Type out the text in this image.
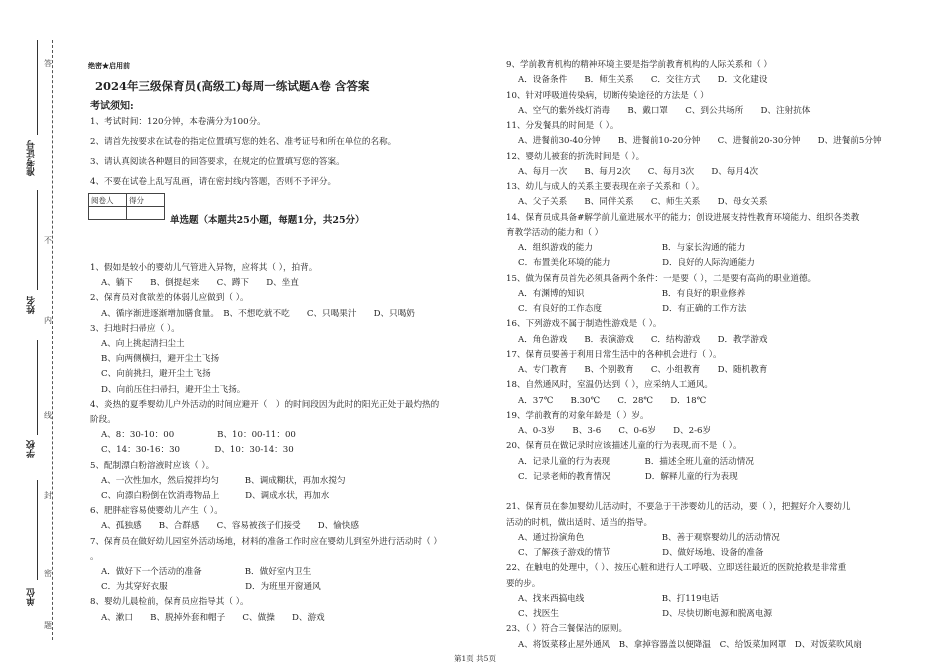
准考证号
姓名
学校
单位
答
不
内
线
封
密
题
绝密★启用前
2024年三级保育员(高级工)每周一练试题A卷 含答案
考试须知:
1、考试时间：120分钟，本卷满分为100分。
2、请首先按要求在试卷的指定位置填写您的姓名、准考证号和所在单位的名称。
3、请认真阅读各种题目的回答要求，在规定的位置填写您的答案。
4、不要在试卷上乱写乱画，请在密封线内答题，否则不予评分。
阅卷人	得分

单选题（本题共25小题，每题1分，共25分）
1、假如是较小的婴幼儿气管进入异物，应将其（ ），拍背。
A、躺下　　B、倒提起来　　C、蹲下　　D、坐直
2、保育员对食欲差的体弱儿应做到（ ）。
A、循序渐进逐渐增加膳食量。　B、不想吃就不吃　　C、只喝果汁　　D、只喝奶
3、扫地时扫帚应（ ）。
A、向上挑起清扫尘土
B、向两侧横扫，避开尘土飞扬
C、向前挑扫，避开尘土飞扬
D、向前压住扫帚扫，避开尘土飞扬。
4、炎热的夏季婴幼儿户外活动的时间应避开（　）的时间段因为此时的阳光正处于最灼热的
阶段。
A、8：30-10：00　　　　　B、10：00-11：00
C、14：30-16：30　　　　D、10：30-14：30
5、配制漂白粉溶液时应该（ ）。
A、一次性加水，然后搅拌均匀　　　B、调成糊状，再加水搅匀
C、向漂白粉倒在饮消毒物品上　　　D、调成水状，再加水
6、肥胖症容易使婴幼儿产生（ ）。
A、孤独感　　B、合群感　　C、容易被孩子们接受　　D、愉快感
7、保育员在做好幼儿园室外活动场地，材料的准备工作时应在婴幼儿到室外进行活动时（ ）
。
A．做好下一个活动的准备　　　　　B．做好室内卫生
C．为其穿好衣服　　　　　　　　　D．为班里开窗通风
8、婴幼儿晨检前，保育员应指导其（ ）。
A、漱口　　B、脱掉外套和帽子　　C、做操　　D、游戏
9、学前教育机构的精神环境主要是指学前教育机构的人际关系和（ ）
A．设备条件　　B．师生关系　　C．交往方式　　D．文化建设
10、针对呼吸道传染病，切断传染途径的方法是（ ）
A、空气的紫外线灯消毒　　B、戴口罩　　C、到公共场所　　D、注射抗体
11、分发餐具的时间是（ ）。
A、进餐前30-40分钟　　B、进餐前10-20分钟　　C、进餐前20-30分钟　　D、进餐前5分钟
12、婴幼儿被套的折洗时间是（ ）。
A、每月一次　　B、每月2次　　C、每月3次　　D、每月4次
13、幼儿与成人的关系主要表现在亲子关系和（ ）。
A、父子关系　　B、同伴关系　　C、师生关系　　D、母女关系
14、保育员成具备#解学前儿童进展水平的能力；创设进展支持性教育环境能力、组织各类教
育教学活动的能力和（ ）
A．组织游戏的能力　　　　　　　　B．与家长沟通的能力
C．布置美化环境的能力　　　　　　D．良好的人际沟通能力
15、做为保育员首先必须具备两个条件：一是要（ ），二是要有高尚的职业道德。
A．有渊博的知识　　　　　　　　　B．有良好的职业修养
C．有良好的工作态度　　　　　　　D．有正确的工作方法
16、下列游戏不属于制造性游戏是（ ）。
A．角色游戏　　B．表演游戏　　C．结构游戏　　D．教学游戏
17、保育员要善于利用日常生活中的各种机会进行（ ）。
A、专门教育　　B、个别教育　　C、小组教育　　D、随机教育
18、自然通风时，室温仍达到（ ），应采纳人工通风。
A．37℃　　B.30℃　　C．28℃　　D．18℃
19、学前教育的对象年龄是（ ）岁。
A、0-3岁　　B、3-6　　C、0-6岁　　D、2-6岁
20、保育员在做记录时应该描述儿童的行为表现,而不是（ ）。
A．记录儿童的行为表现　　　　B．描述全班儿童的活动情况
C．记录老师的教育情况　　　　D．解释儿童的行为表现
21、保育员在参加婴幼儿活动时，不要急于干涉婴幼儿的活动，要（ ），把握好介入婴幼儿
活动的时机，做出适时、适当的指导。
A、通过扮演角色　　　　　　　　　B、善于观察婴幼儿的活动情况
C、了解孩子游戏的情节　　　　　　D、做好场地、设备的准备
22、在触电的处理中，（ ）、按压心脏和进行人工呼吸、立即送往最近的医院抢救是非常重
要的步。
A、找来西搞电线　　　　　　　　　B、打119电话
C、找医生　　　　　　　　　　　　D、尽快切断电源和脱离电源
23、（ ）符合三餐保洁的原则。
A、将饭菜移止屋外通风　B、拿掉容器盖以便降温　C、给饭菜加网罩　D、对饭菜吹风扇
第1页 共5页
